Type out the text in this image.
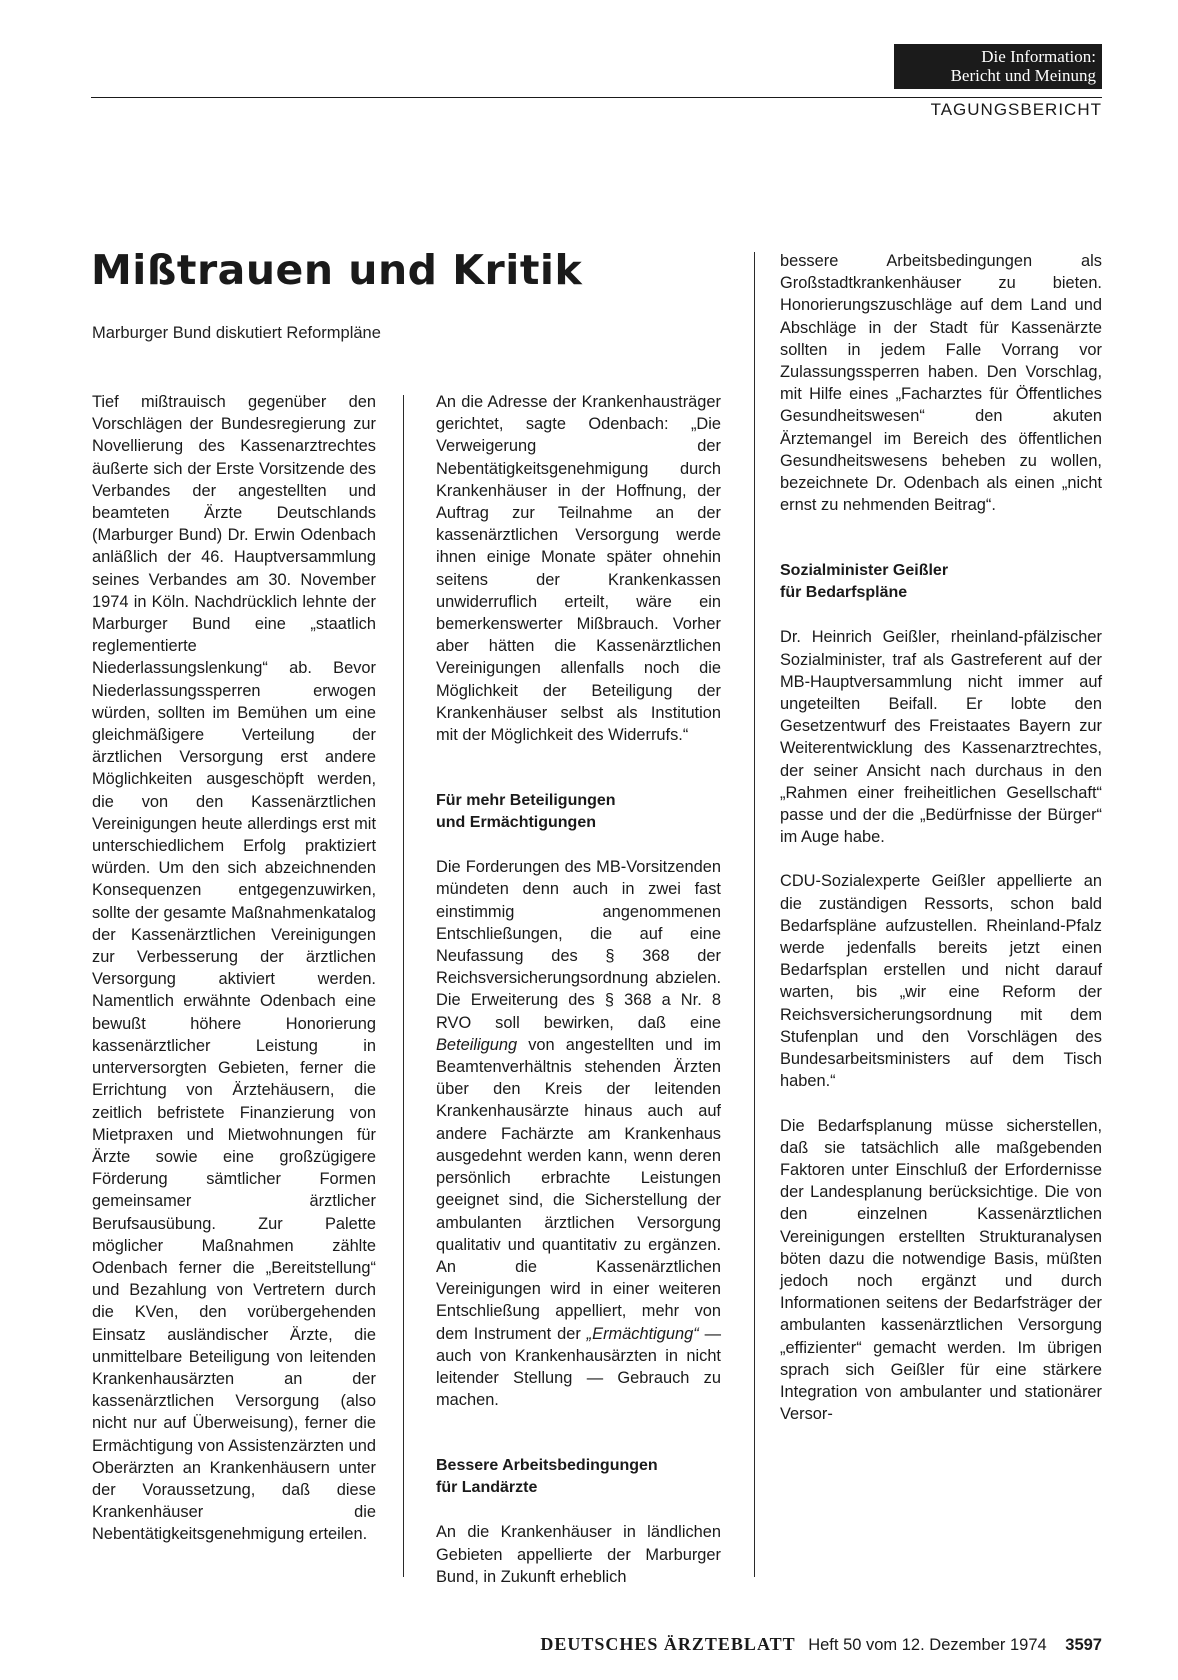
Die Information:
Bericht und Meinung
TAGUNGSBERICHT
Mißtrauen und Kritik
Marburger Bund diskutiert Reformpläne

Tief mißtrauisch gegenüber den Vorschlägen der Bundesregierung zur Novellierung des Kassenarztrechtes äußerte sich der Erste Vorsitzende des Verbandes der angestellten und beamteten Ärzte Deutschlands (Marburger Bund) Dr. Erwin Odenbach anläßlich der 46. Hauptversammlung seines Verbandes am 30. November 1974 in Köln. Nachdrücklich lehnte der Marburger Bund eine „staatlich reglementierte Niederlassungslenkung“ ab. Bevor Niederlassungssperren erwogen würden, sollten im Bemühen um eine gleichmäßigere Verteilung der ärztlichen Versorgung erst andere Möglichkeiten ausgeschöpft werden, die von den Kassenärztlichen Vereinigungen heute allerdings erst mit unterschiedlichem Erfolg praktiziert würden. Um den sich abzeichnenden Konsequenzen entgegenzuwirken, sollte der gesamte Maßnahmenkatalog der Kassenärztlichen Vereinigungen zur Verbesserung der ärztlichen Versorgung aktiviert werden. Namentlich erwähnte Odenbach eine bewußt höhere Honorierung kassenärztlicher Leistung in unterversorgten Gebieten, ferner die Errichtung von Ärztehäusern, die zeitlich befristete Finanzierung von Mietpraxen und Mietwohnungen für Ärzte sowie eine großzügigere Förderung sämtlicher Formen gemeinsamer ärztlicher Berufsausübung. Zur Palette möglicher Maßnahmen zählte Odenbach ferner die „Bereitstellung“ und Bezahlung von Vertretern durch die KVen, den vorübergehenden Einsatz ausländischer Ärzte, die unmittelbare Beteiligung von leitenden Krankenhausärzten an der kassenärztlichen Versorgung (also nicht nur auf Überweisung), ferner die Ermächtigung von Assistenzärzten und Oberärzten an Krankenhäusern unter der Voraussetzung, daß diese Krankenhäuser die Nebentätigkeitsgenehmigung erteilen.

An die Adresse der Krankenhausträger gerichtet, sagte Odenbach: „Die Verweigerung der Nebentätigkeitsgenehmigung durch Krankenhäuser in der Hoffnung, der Auftrag zur Teilnahme an der kassenärztlichen Versorgung werde ihnen einige Monate später ohnehin seitens der Krankenkassen unwiderruflich erteilt, wäre ein bemerkenswerter Mißbrauch. Vorher aber hätten die Kassenärztlichen Vereinigungen allenfalls noch die Möglichkeit der Beteiligung der Krankenhäuser selbst als Institution mit der Möglichkeit des Widerrufs.“

Für mehr Beteiligungen
und Ermächtigungen

Die Forderungen des MB-Vorsitzenden mündeten denn auch in zwei fast einstimmig angenommenen Entschließungen, die auf eine Neufassung des § 368 der Reichsversicherungsordnung abzielen. Die Erweiterung des § 368 a Nr. 8 RVO soll bewirken, daß eine Beteiligung von angestellten und im Beamtenverhältnis stehenden Ärzten über den Kreis der leitenden Krankenhausärzte hinaus auch auf andere Fachärzte am Krankenhaus ausgedehnt werden kann, wenn deren persönlich erbrachte Leistungen geeignet sind, die Sicherstellung der ambulanten ärztlichen Versorgung qualitativ und quantitativ zu ergänzen. An die Kassenärztlichen Vereinigungen wird in einer weiteren Entschließung appelliert, mehr von dem Instrument der „Ermächtigung“ — auch von Krankenhausärzten in nicht leitender Stellung — Gebrauch zu machen.

Bessere Arbeitsbedingungen
für Landärzte

An die Krankenhäuser in ländlichen Gebieten appellierte der Marburger Bund, in Zukunft erheblich

bessere Arbeitsbedingungen als Großstadtkrankenhäuser zu bieten. Honorierungszuschläge auf dem Land und Abschläge in der Stadt für Kassenärzte sollten in jedem Falle Vorrang vor Zulassungssperren haben. Den Vorschlag, mit Hilfe eines „Facharztes für Öffentliches Gesundheitswesen“ den akuten Ärztemangel im Bereich des öffentlichen Gesundheitswesens beheben zu wollen, bezeichnete Dr. Odenbach als einen „nicht ernst zu nehmenden Beitrag“.

Sozialminister Geißler
für Bedarfspläne

Dr. Heinrich Geißler, rheinland-pfälzischer Sozialminister, traf als Gastreferent auf der MB-Hauptversammlung nicht immer auf ungeteilten Beifall. Er lobte den Gesetzentwurf des Freistaates Bayern zur Weiterentwicklung des Kassenarztrechtes, der seiner Ansicht nach durchaus in den „Rahmen einer freiheitlichen Gesellschaft“ passe und der die „Bedürfnisse der Bürger“ im Auge habe.

CDU-Sozialexperte Geißler appellierte an die zuständigen Ressorts, schon bald Bedarfspläne aufzustellen. Rheinland-Pfalz werde jedenfalls bereits jetzt einen Bedarfsplan erstellen und nicht darauf warten, bis „wir eine Reform der Reichsversicherungsordnung mit dem Stufenplan und den Vorschlägen des Bundesarbeitsministers auf dem Tisch haben.“

Die Bedarfsplanung müsse sicherstellen, daß sie tatsächlich alle maßgebenden Faktoren unter Einschluß der Erfordernisse der Landesplanung berücksichtige. Die von den einzelnen Kassenärztlichen Vereinigungen erstellten Strukturanalysen böten dazu die notwendige Basis, müßten jedoch noch ergänzt und durch Informationen seitens der Bedarfsträger der ambulanten kassenärztlichen Versorgung „effizienter“ gemacht werden. Im übrigen sprach sich Geißler für eine stärkere Integration von ambulanter und stationärer Versor-

DEUTSCHES ÄRZTEBLATT Heft 50 vom 12. Dezember 1974 3597
